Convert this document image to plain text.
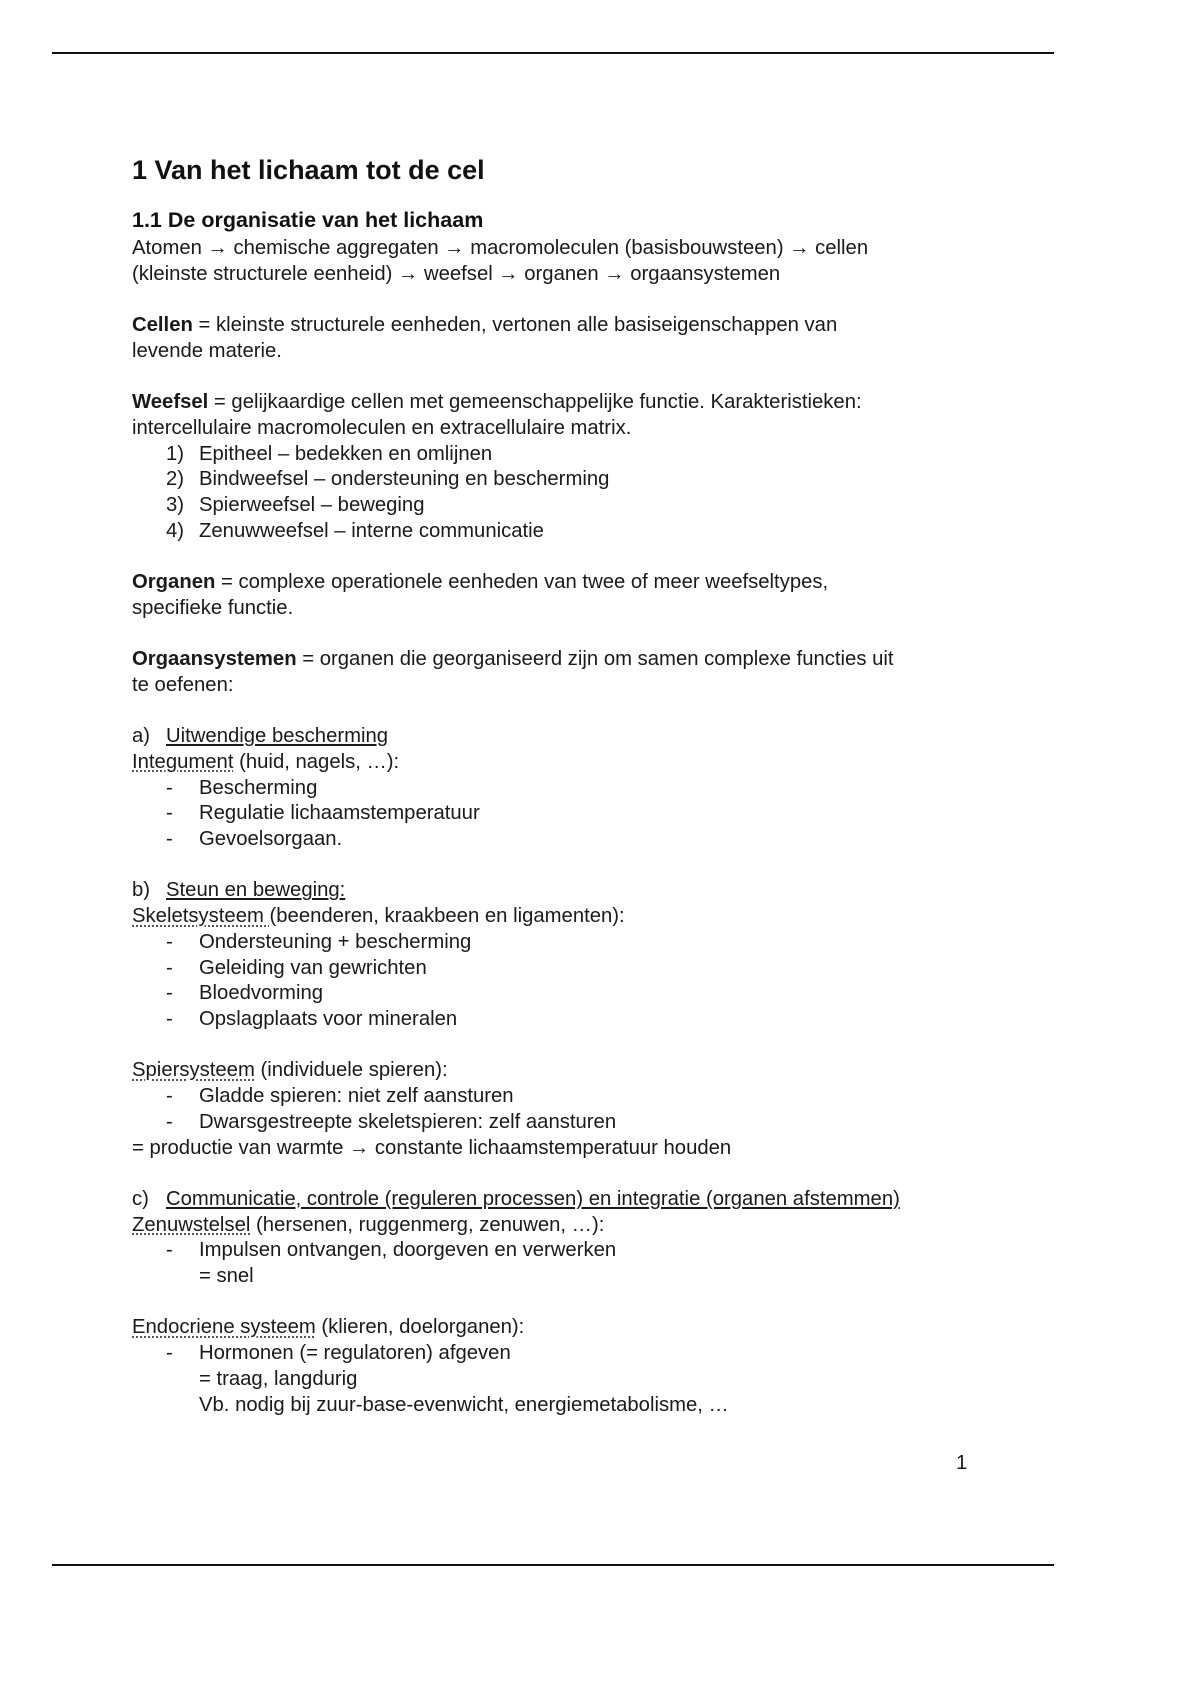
1 Van het lichaam tot de cel
1.1 De organisatie van het lichaam

Atomen → chemische aggregaten → macromoleculen (basisbouwsteen) → cellen

(kleinste structurele eenheid) → weefsel → organen → orgaansystemen

Cellen = kleinste structurele eenheden, vertonen alle basiseigenschappen van

levende materie.

Weefsel = gelijkaardige cellen met gemeenschappelijke functie. Karakteristieken:

intercellulaire macromoleculen en extracellulaire matrix.

1) Epitheel – bedekken en omlijnen
2) Bindweefsel – ondersteuning en bescherming
3) Spierweefsel – beweging
4) Zenuwweefsel – interne communicatie

Organen = complexe operationele eenheden van twee of meer weefseltypes,

specifieke functie.

Orgaansystemen = organen die georganiseerd zijn om samen complexe functies uit

te oefenen:

a) Uitwendige bescherming

Integument (huid, nagels, …):

-	Bescherming
-	Regulatie lichaamstemperatuur
-	Gevoelsorgaan.

b) Steun en beweging:

Skeletsysteem (beenderen, kraakbeen en ligamenten):

-	Ondersteuning + bescherming
-	Geleiding van gewrichten
-	Bloedvorming
-	Opslagplaats voor mineralen

Spiersysteem (individuele spieren):

-	Gladde spieren: niet zelf aansturen
-	Dwarsgestreepte skeletspieren: zelf aansturen

= productie van warmte → constante lichaamstemperatuur houden

c) Communicatie, controle (reguleren processen) en integratie (organen afstemmen)

Zenuwstelsel (hersenen, ruggenmerg, zenuwen, …):

-	Impulsen ontvangen, doorgeven en verwerken

= snel

Endocriene systeem (klieren, doelorganen):

-	Hormonen (= regulatoren) afgeven

= traag, langdurig

Vb. nodig bij zuur-base-evenwicht, energiemetabolisme, …

1
